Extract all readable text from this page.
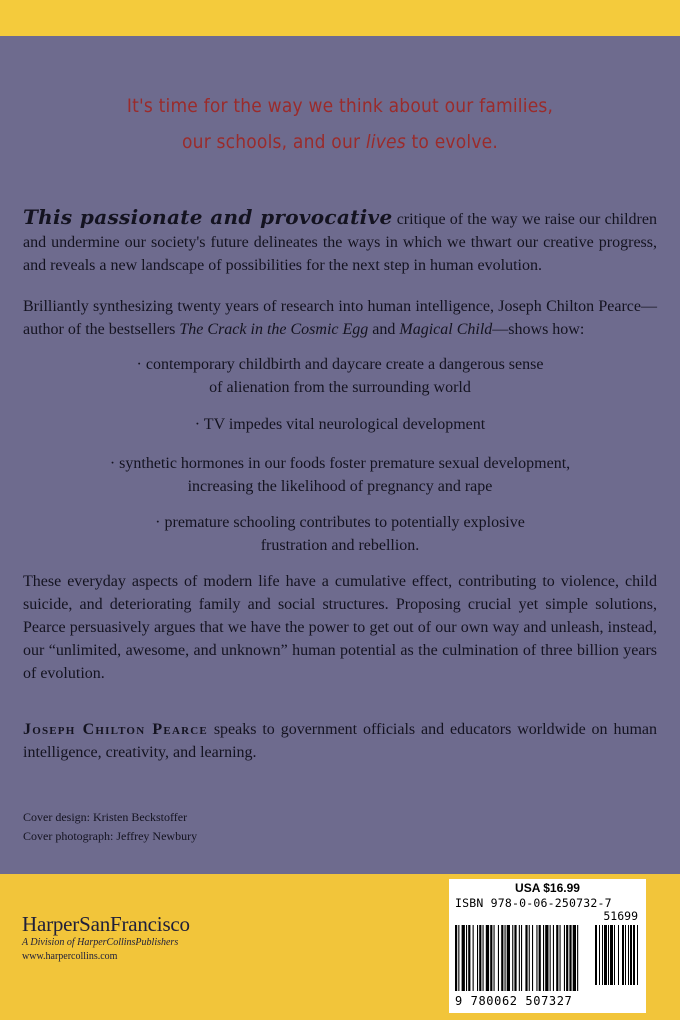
It's time for the way we think about our families,
our schools, and our lives to evolve.
This passionate and provocative critique of the way we raise our children and undermine our society's future delineates the ways in which we thwart our creative progress, and reveals a new landscape of possibilities for the next step in human evolution.
Brilliantly synthesizing twenty years of research into human intelligence, Joseph Chilton Pearce—author of the bestsellers The Crack in the Cosmic Egg and Magical Child—shows how:
· contemporary childbirth and daycare create a dangerous sense
of alienation from the surrounding world
· TV impedes vital neurological development
· synthetic hormones in our foods foster premature sexual development,
increasing the likelihood of pregnancy and rape
· premature schooling contributes to potentially explosive
frustration and rebellion.
These everyday aspects of modern life have a cumulative effect, contributing to violence, child suicide, and deteriorating family and social structures. Proposing crucial yet simple solutions, Pearce persuasively argues that we have the power to get out of our own way and unleash, instead, our “unlimited, awesome, and unknown” human potential as the culmination of three billion years of evolution.
Joseph Chilton Pearce speaks to government officials and educators worldwide on human intelligence, creativity, and learning.
Cover design: Kristen Beckstoffer
Cover photograph: Jeffrey Newbury
HarperSanFrancisco
A Division of HarperCollinsPublishers
www.harpercollins.com
USA $16.99
ISBN 978-0-06-250732-7
51699
9 780062 507327
